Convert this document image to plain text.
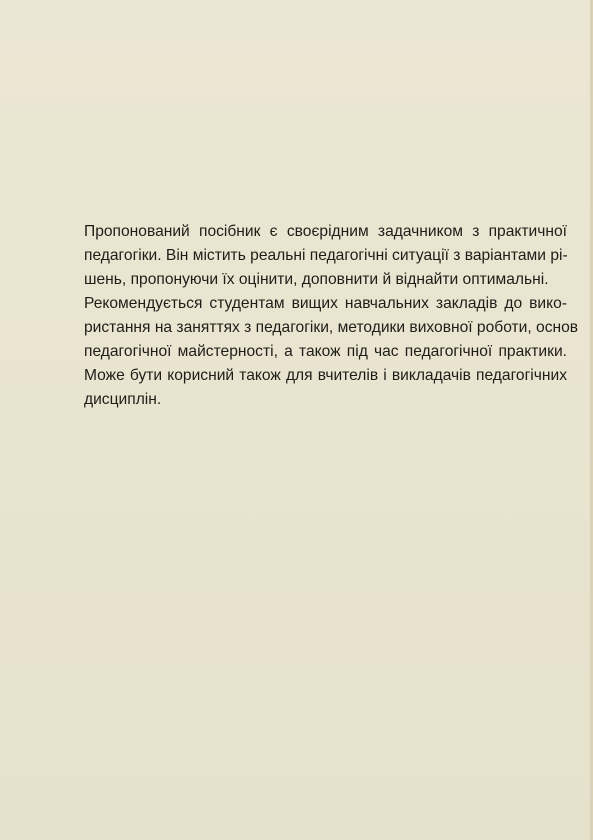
Пропонований посібник є своєрідним задачником з практичної
педагогіки. Він містить реальні педагогічні ситуації з варіантами рі-
шень, пропонуючи їх оцінити, доповнити й віднайти оптимальні.

Рекомендується студентам вищих навчальних закладів до вико-
ристання на заняттях з педагогіки, методики виховної роботи, основ
педагогічної майстерності, а також під час педагогічної практики.
Може бути корисний також для вчителів і викладачів педагогічних
дисциплін.
